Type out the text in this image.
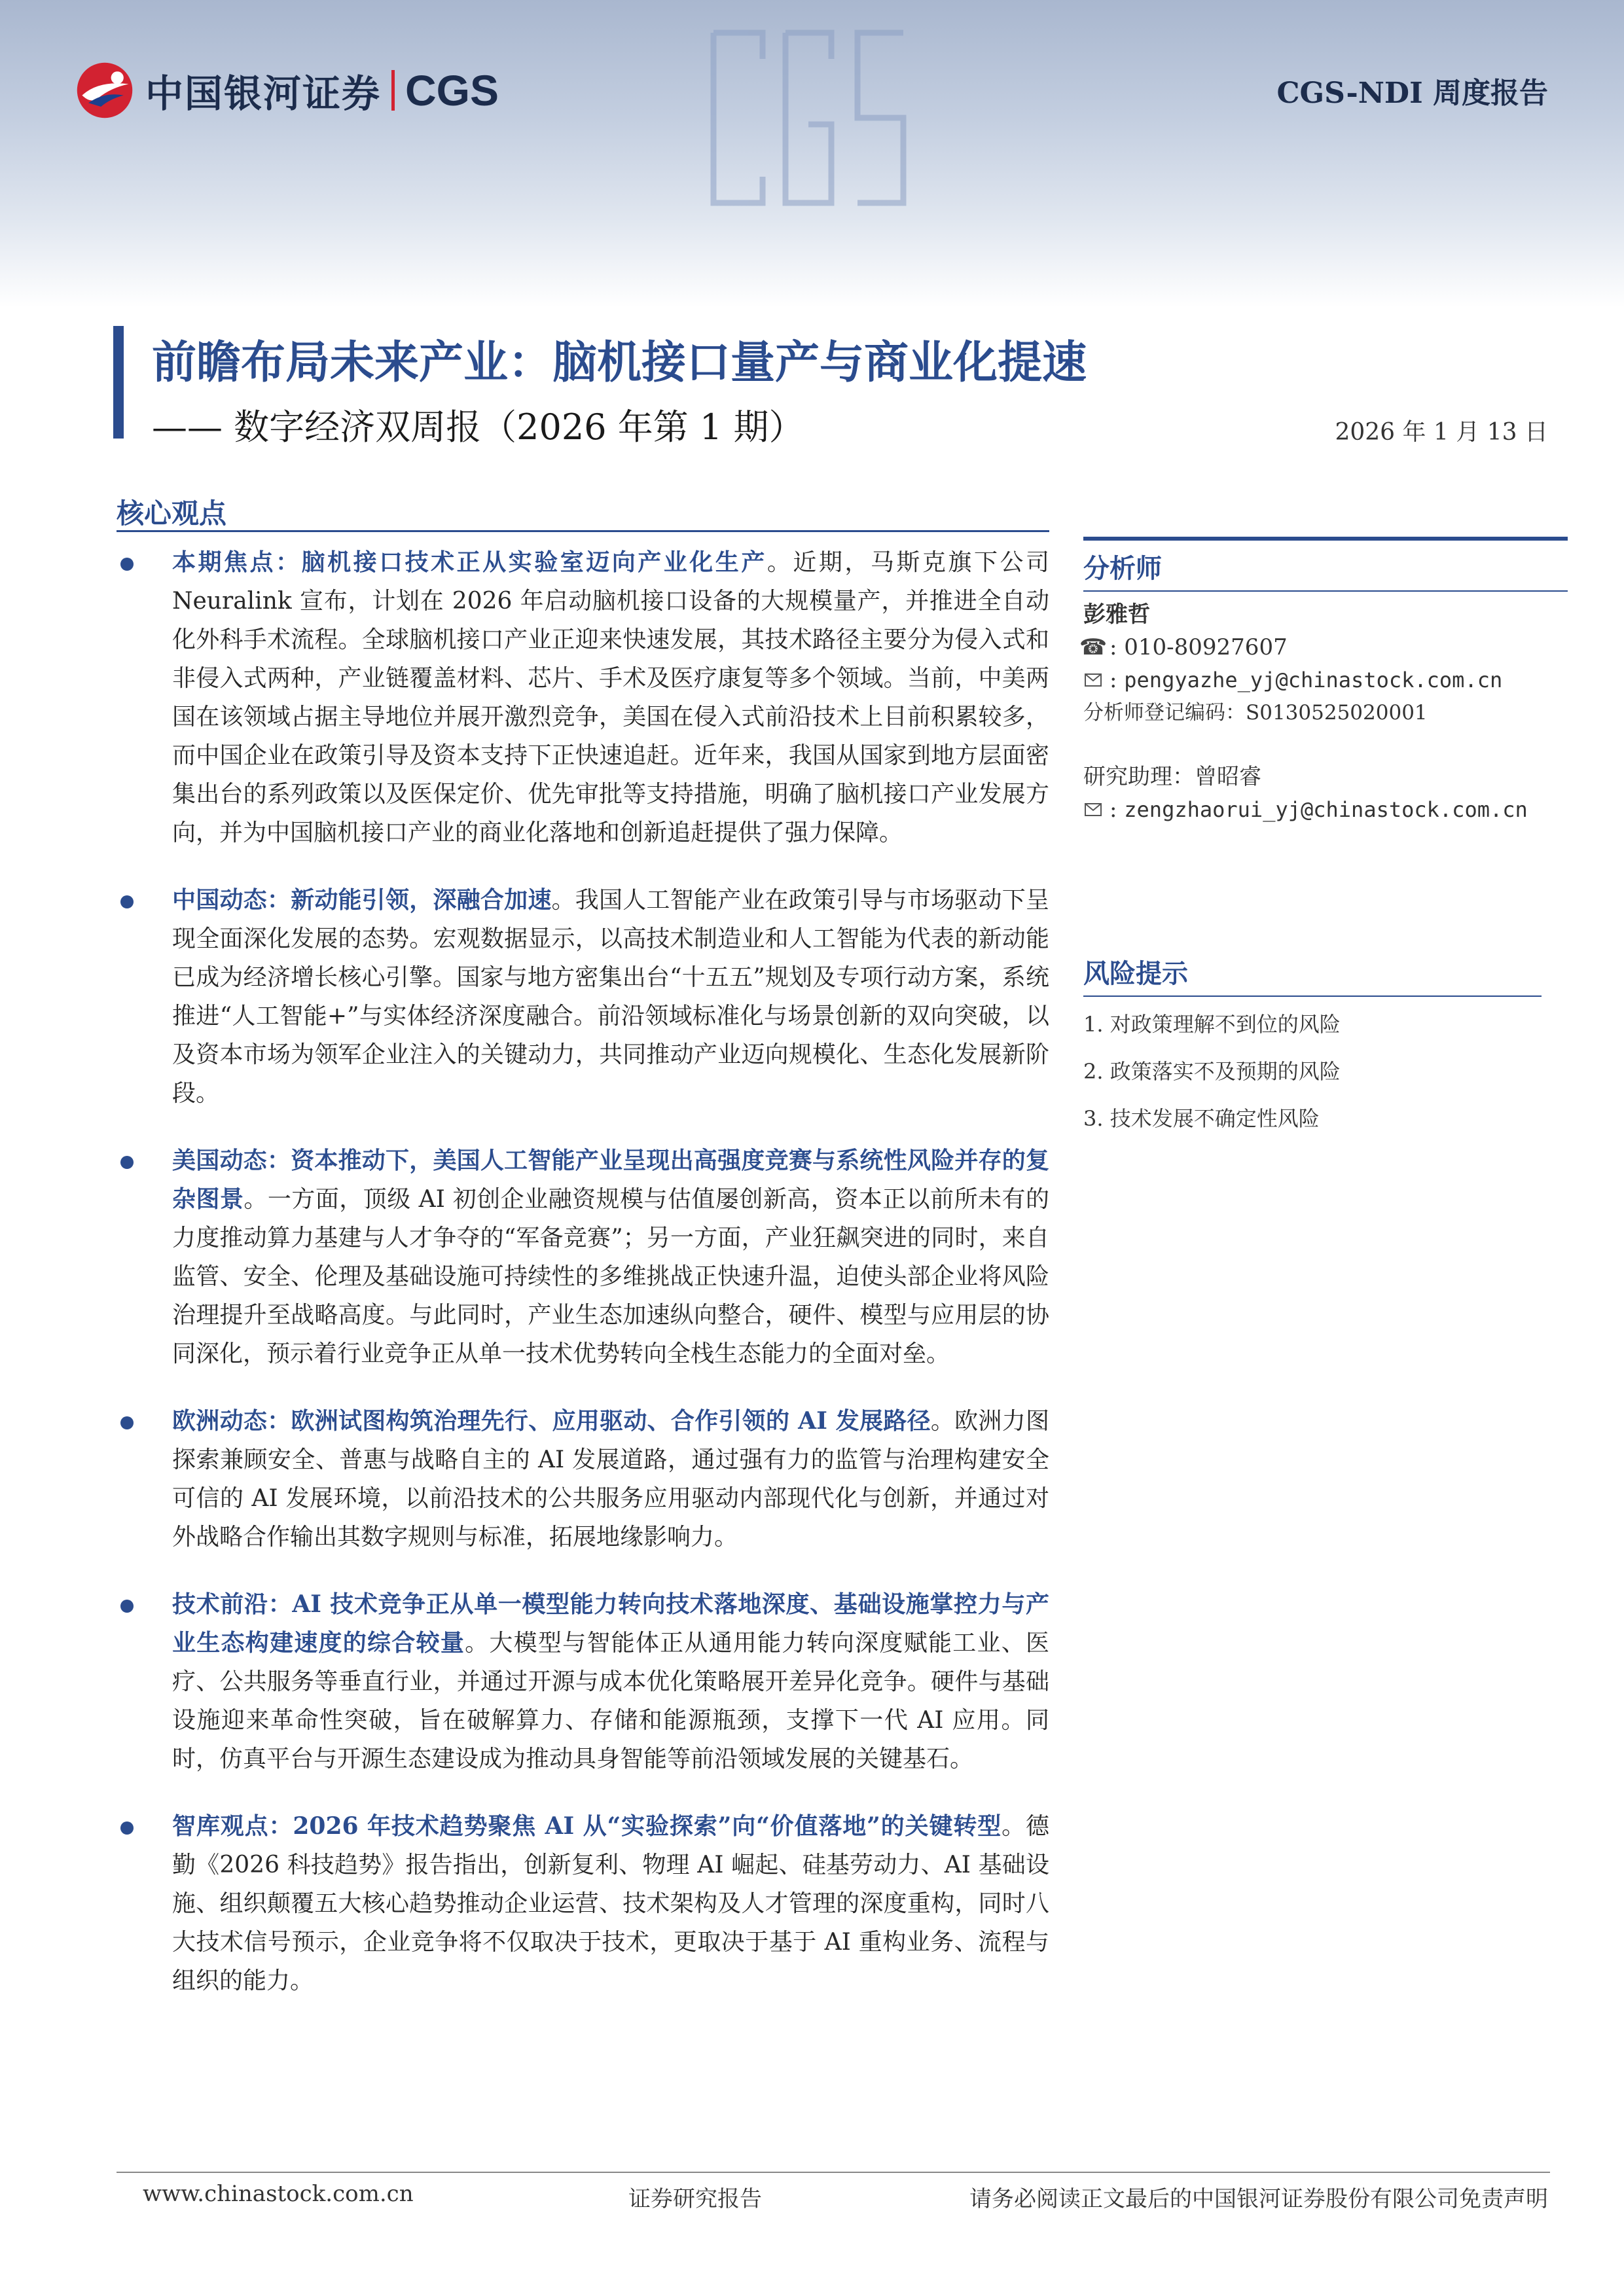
中国银河证券 CGS	CGS-NDI 周度报告
前瞻布局未来产业：脑机接口量产与商业化提速
—— 数字经济双周报（2026 年第 1 期）	2026 年 1 月 13 日
核心观点

本期焦点：脑机接口技术正从实验室迈向产业化生产。近期，马斯克旗下公司 Neuralink 宣布，计划在 2026 年启动脑机接口设备的大规模量产，并推进全自动化外科手术流程。全球脑机接口产业正迎来快速发展，其技术路径主要分为侵入式和非侵入式两种，产业链覆盖材料、芯片、手术及医疗康复等多个领域。当前，中美两国在该领域占据主导地位并展开激烈竞争，美国在侵入式前沿技术上目前积累较多，而中国企业在政策引导及资本支持下正快速追赶。近年来，我国从国家到地方层面密集出台的系列政策以及医保定价、优先审批等支持措施，明确了脑机接口产业发展方向，并为中国脑机接口产业的商业化落地和创新追赶提供了强力保障。

中国动态：新动能引领，深融合加速。我国人工智能产业在政策引导与市场驱动下呈现全面深化发展的态势。宏观数据显示，以高技术制造业和人工智能为代表的新动能已成为经济增长核心引擎。国家与地方密集出台“十五五”规划及专项行动方案，系统推进“人工智能+”与实体经济深度融合。前沿领域标准化与场景创新的双向突破，以及资本市场为领军企业注入的关键动力，共同推动产业迈向规模化、生态化发展新阶段。

美国动态：资本推动下，美国人工智能产业呈现出高强度竞赛与系统性风险并存的复杂图景。一方面，顶级 AI 初创企业融资规模与估值屡创新高，资本正以前所未有的力度推动算力基建与人才争夺的“军备竞赛”；另一方面，产业狂飙突进的同时，来自监管、安全、伦理及基础设施可持续性的多维挑战正快速升温，迫使头部企业将风险治理提升至战略高度。与此同时，产业生态加速纵向整合，硬件、模型与应用层的协同深化，预示着行业竞争正从单一技术优势转向全栈生态能力的全面对垒。

欧洲动态：欧洲试图构筑治理先行、应用驱动、合作引领的 AI 发展路径。欧洲力图探索兼顾安全、普惠与战略自主的 AI 发展道路，通过强有力的监管与治理构建安全可信的 AI 发展环境，以前沿技术的公共服务应用驱动内部现代化与创新，并通过对外战略合作输出其数字规则与标准，拓展地缘影响力。

技术前沿：AI 技术竞争正从单一模型能力转向技术落地深度、基础设施掌控力与产业生态构建速度的综合较量。大模型与智能体正从通用能力转向深度赋能工业、医疗、公共服务等垂直行业，并通过开源与成本优化策略展开差异化竞争。硬件与基础设施迎来革命性突破，旨在破解算力、存储和能源瓶颈，支撑下一代 AI 应用。同时，仿真平台与开源生态建设成为推动具身智能等前沿领域发展的关键基石。

智库观点：2026 年技术趋势聚焦 AI 从“实验探索”向“价值落地”的关键转型。德勤《2026 科技趋势》报告指出，创新复利、物理 AI 崛起、硅基劳动力、AI 基础设施、组织颠覆五大核心趋势推动企业运营、技术架构及人才管理的深度重构，同时八大技术信号预示，企业竞争将不仅取决于技术，更取决于基于 AI 重构业务、流程与组织的能力。

分析师
彭雅哲
☎ : 010-80927607
: pengyazhe_yj@chinastock.com.cn
分析师登记编码：S0130525020001
研究助理：曾昭睿
: zengzhaorui_yj@chinastock.com.cn
风险提示
1. 对政策理解不到位的风险
2. 政策落实不及预期的风险
3. 技术发展不确定性风险
www.chinastock.com.cn	证券研究报告	请务必阅读正文最后的中国银河证券股份有限公司免责声明
